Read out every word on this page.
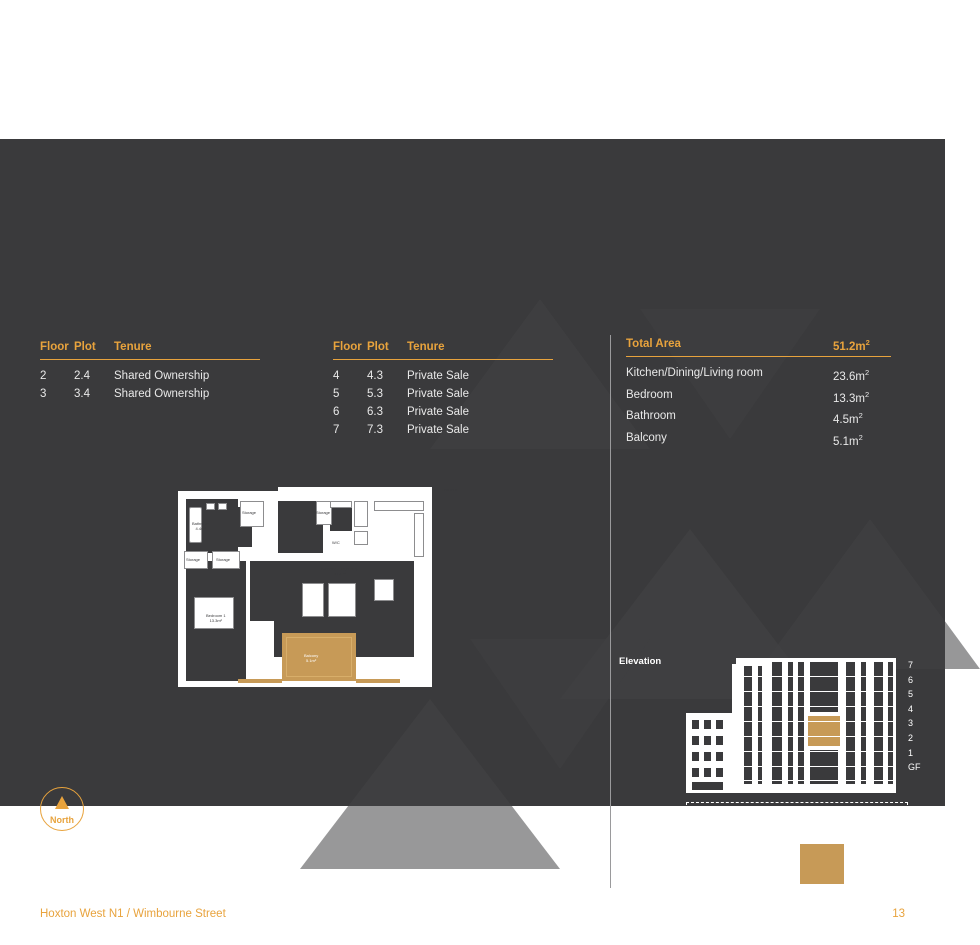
Floor Plot	Tenure
2	2.4	Shared Ownership
3	3.4	Shared Ownership
Floor Plot	Tenure
4	4.3	Private Sale
5	5.3	Private Sale
6	6.3	Private Sale
7	7.3	Private Sale
Total Area	$51.2m^2$
Kitchen/Dining/Living room	$23.6m^2$
Bedroom	$13.3m^2$
Bathroom	$4.5m^2$
Balcony	$5.1m^2$
Entrance
Bathroom
4.4m²
Storage	Storage
Storage	Storage
W/C
Kitchen/Dining/Living
23.6m²
Bedroom 1
13.3m²
Balcony
5.1m²
North
Elevation	7
6
5
4
3
2
1
GF
Floor 2, 3,
4, 5, 6, 7
1 Bed, 1 Bath	All dimensions are approximate
Hoxton West N1 / Wimbourne Street	13
